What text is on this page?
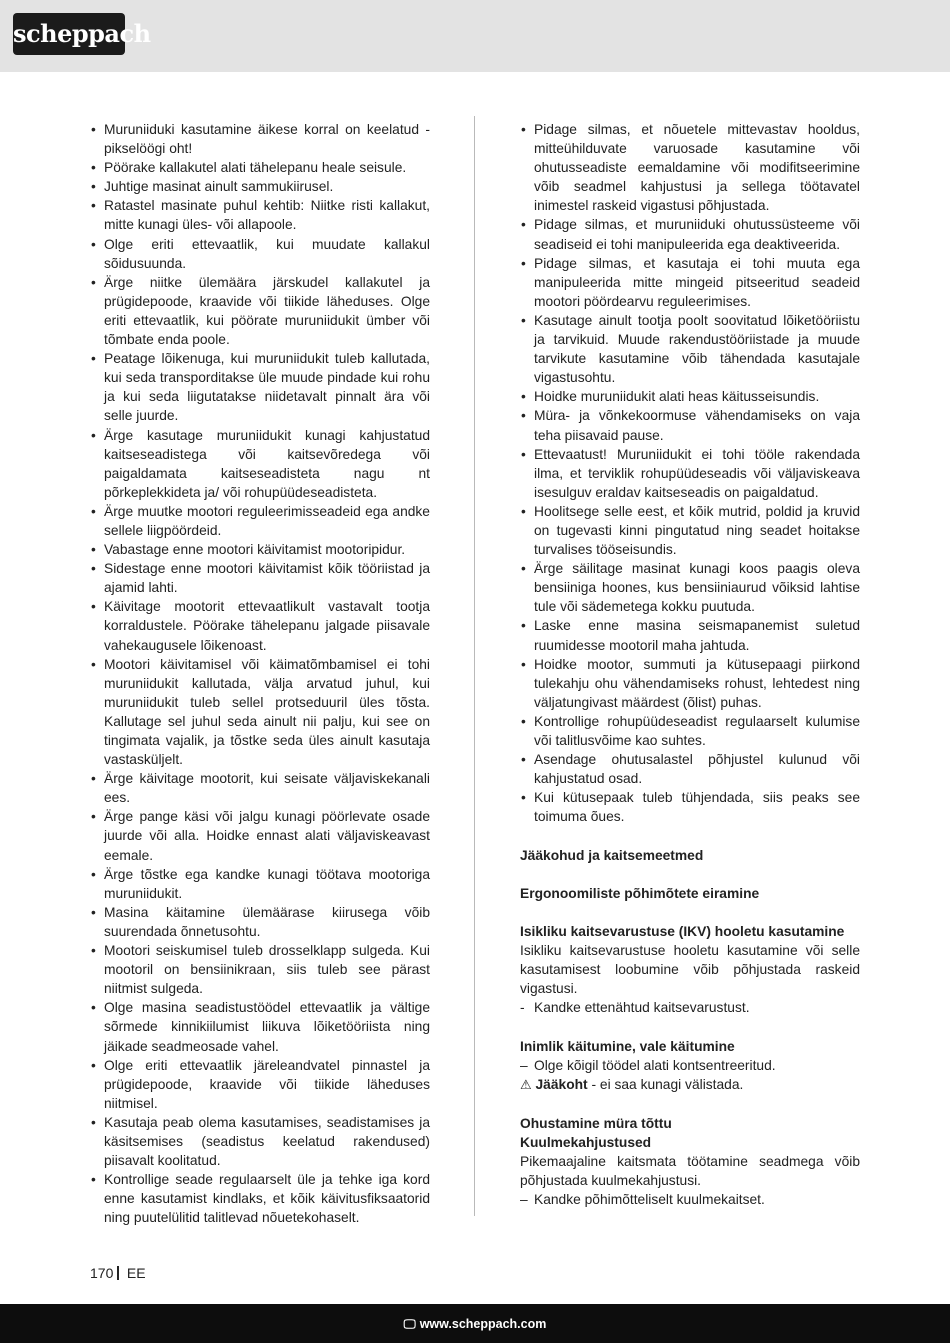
scheppach
• Muruniiduki kasutamine äikese korral on keelatud - pikselöögi oht!
• Pöörake kallakutel alati tähelepanu heale seisule.
• Juhtige masinat ainult sammukiirusel.
• Ratastel masinate puhul kehtib: Niitke risti kallakut, mitte kunagi üles- või allapoole.
• Olge eriti ettevaatlik, kui muudate kallakul sõidusuunda.
• Ärge niitke ülemäära järskudel kallakutel ja prügidepoode, kraavide või tiikide läheduses. Olge eriti ettevaatlik, kui pöörate muruniidukit ümber või tõmbate enda poole.
• Peatage lõikenuga, kui muruniidukit tuleb kallutada, kui seda transporditakse üle muude pindade kui rohu ja kui seda liigutatakse niidetavalt pinnalt ära või selle juurde.
• Ärge kasutage muruniidukit kunagi kahjustatud kaitseseadistega või kaitsevõredega või paigaldamata kaitseseadisteta nagu nt põrkeplekkideta ja/ või rohupüüdeseadisteta.
• Ärge muutke mootori reguleerimisseadeid ega andke sellele liigpöördeid.
• Vabastage enne mootori käivitamist mootoripidur.
• Sidestage enne mootori käivitamist kõik tööriistad ja ajamid lahti.
• Käivitage mootorit ettevaatlikult vastavalt tootja korraldustele. Pöörake tähelepanu jalgade piisavale vahekaugusele lõikenoast.
• Mootori käivitamisel või käimatõmbamisel ei tohi muruniidukit kallutada, välja arvatud juhul, kui muruniidukit tuleb sellel protseduuril üles tõsta. Kallutage sel juhul seda ainult nii palju, kui see on tingimata vajalik, ja tõstke seda üles ainult kasutaja vastasküljelt.
• Ärge käivitage mootorit, kui seisate väljaviskekanali ees.
• Ärge pange käsi või jalgu kunagi pöörlevate osade juurde või alla. Hoidke ennast alati väljaviskeavast eemale.
• Ärge tõstke ega kandke kunagi töötava mootoriga muruniidukit.
• Masina käitamine ülemäärase kiirusega võib suurendada õnnetusohtu.
• Mootori seiskumisel tuleb drosselklapp sulgeda. Kui mootoril on bensiinikraan, siis tuleb see pärast niitmist sulgeda.
• Olge masina seadistustöödel ettevaatlik ja vältige sõrmede kinnikiilumist liikuva lõiketööriista ning jäikade seadmeosade vahel.
• Olge eriti ettevaatlik järeleandvatel pinnastel ja prügidepoode, kraavide või tiikide läheduses niitmisel.
• Kasutaja peab olema kasutamises, seadistamises ja käsitsemises (seadistus keelatud rakendused) piisavalt koolitatud.
• Kontrollige seade regulaarselt üle ja tehke iga kord enne kasutamist kindlaks, et kõik käivitusfiksaatorid ning puutelülitid talitlevad nõuetekohaselt.
• Pidage silmas, et nõuetele mittevastav hooldus, mitteühilduvate varuosade kasutamine või ohutusseadiste eemaldamine või modifitseerimine võib seadmel kahjustusi ja sellega töötavatel inimestel raskeid vigastusi põhjustada.
• Pidage silmas, et muruniiduki ohutussüsteeme või seadiseid ei tohi manipuleerida ega deaktiveerida.
• Pidage silmas, et kasutaja ei tohi muuta ega manipuleerida mitte mingeid pitseeritud seadeid mootori pöördearvu reguleerimises.
• Kasutage ainult tootja poolt soovitatud lõiketööriistu ja tarvikuid. Muude rakendustööriistade ja muude tarvikute kasutamine võib tähendada kasutajale vigastusohtu.
• Hoidke muruniidukit alati heas käitusseisundis.
• Müra- ja võnkekoormuse vähendamiseks on vaja teha piisavaid pause.
• Ettevaatust! Muruniidukit ei tohi tööle rakendada ilma, et terviklik rohupüüdeseadis või väljaviskeava isesulguv eraldav kaitseseadis on paigaldatud.
• Hoolitsege selle eest, et kõik mutrid, poldid ja kruvid on tugevasti kinni pingutatud ning seadet hoitakse turvalises tööseisundis.
• Ärge säilitage masinat kunagi koos paagis oleva bensiiniga hoones, kus bensiiniaurud võiksid lahtise tule või sädemetega kokku puutuda.
• Laske enne masina seismapanemist suletud ruumidesse mootoril maha jahtuda.
• Hoidke mootor, summuti ja kütusepaagi piirkond tulekahju ohu vähendamiseks rohust, lehtedest ning väljatungivast määrdest (õlist) puhas.
• Kontrollige rohupüüdeseadist regulaarselt kulumise või talitlusvõime kao suhtes.
• Asendage ohutusalastel põhjustel kulunud või kahjustatud osad.
• Kui kütusepaak tuleb tühjendada, siis peaks see toimuma õues.
Jääkohud ja kaitsemeetmed
Ergonoomiliste põhimõtete eiramine
Isikliku kaitsevarustuse (IKV) hooletu kasutamine

Isikliku kaitsevarustuse hooletu kasutamine või selle kasutamisest loobumine võib põhjustada raskeid vigastusi.

- Kandke ettenähtud kaitsevarustust.
Inimlik käitumine, vale käitumine
– Olge kõigil töödel alati kontsentreeritud.
⚠ Jääkoht - ei saa kunagi välistada.
Ohustamine müra tõttu
Kuulmekahjustused

Pikemaajaline kaitsmata töötamine seadmega võib põhjustada kuulmekahjustusi.

– Kandke põhimõtteliselt kuulmekaitset.
170 EE
🖵 www.scheppach.com
